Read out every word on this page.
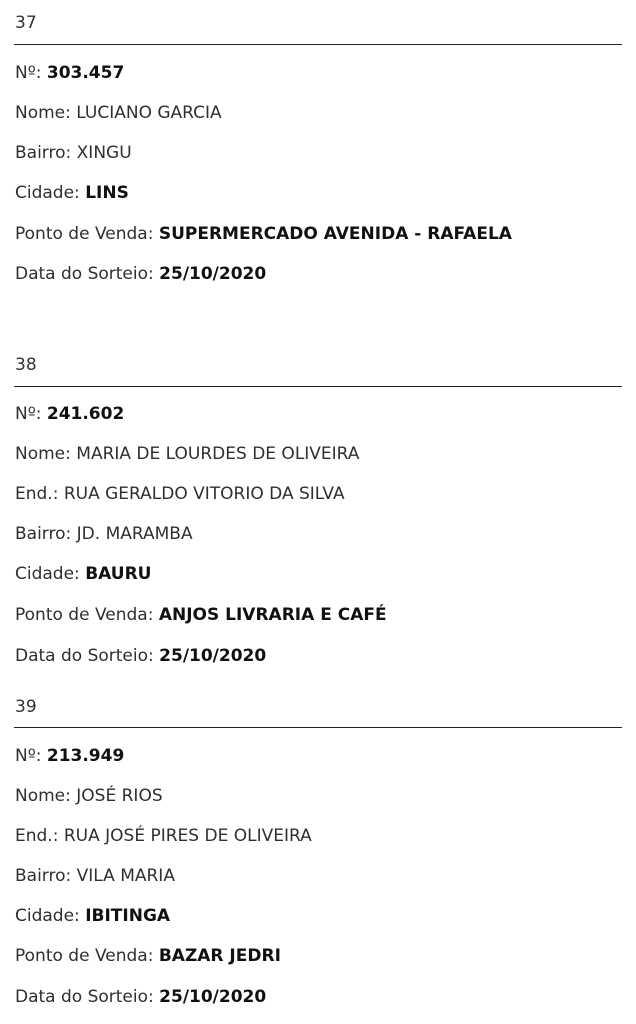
37
Nº: 303.457
Nome: LUCIANO GARCIA
Bairro: XINGU
Cidade: LINS
Ponto de Venda: SUPERMERCADO AVENIDA - RAFAELA
Data do Sorteio: 25/10/2020
38
Nº: 241.602
Nome: MARIA DE LOURDES DE OLIVEIRA
End.: RUA GERALDO VITORIO DA SILVA
Bairro: JD. MARAMBA
Cidade: BAURU
Ponto de Venda: ANJOS LIVRARIA E CAFÉ
Data do Sorteio: 25/10/2020
39
Nº: 213.949
Nome: JOSÉ RIOS
End.: RUA JOSÉ PIRES DE OLIVEIRA
Bairro: VILA MARIA
Cidade: IBITINGA
Ponto de Venda: BAZAR JEDRI
Data do Sorteio: 25/10/2020
